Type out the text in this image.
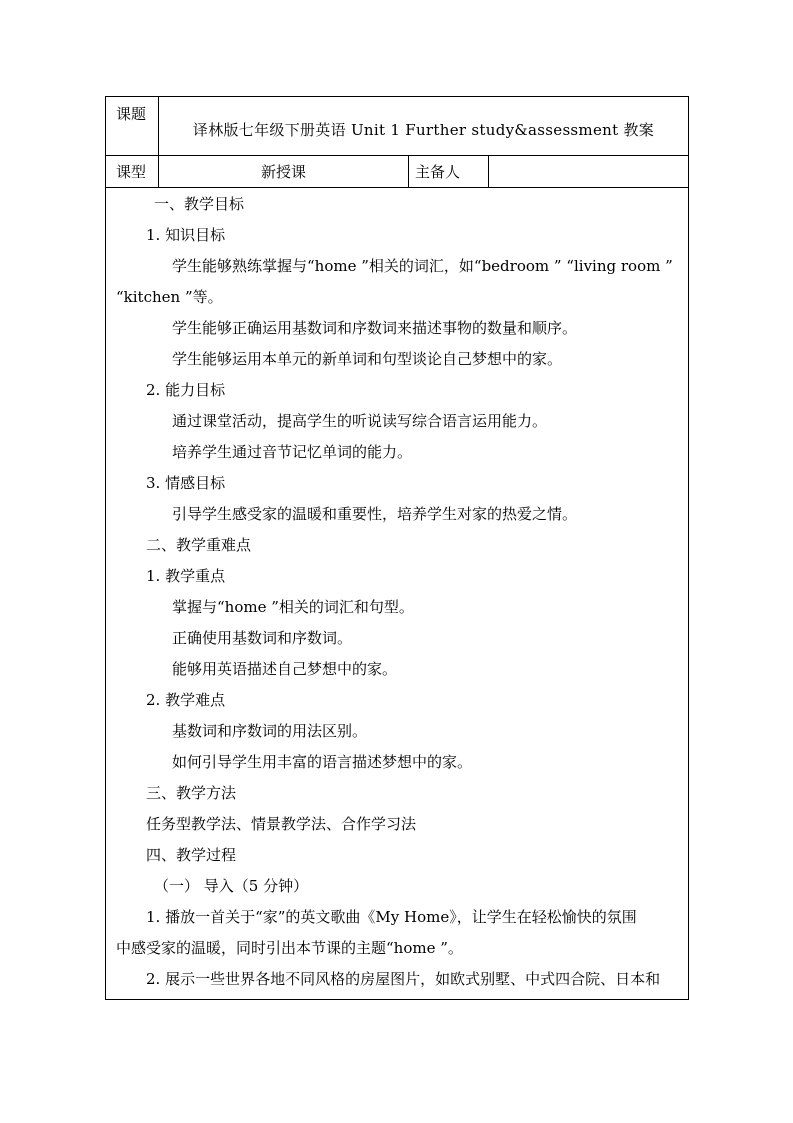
课题
译林版七年级下册英语 Unit 1 Further study&assessment 教案
课型	新授课	主备人
一、教学目标
1. 知识目标
学生能够熟练掌握与“home ”相关的词汇，如“bedroom ” “living room ”
“kitchen ”等。
学生能够正确运用基数词和序数词来描述事物的数量和顺序。
学生能够运用本单元的新单词和句型谈论自己梦想中的家。
2. 能力目标
通过课堂活动，提高学生的听说读写综合语言运用能力。
培养学生通过音节记忆单词的能力。
3. 情感目标
引导学生感受家的温暖和重要性，培养学生对家的热爱之情。
二、教学重难点
1. 教学重点
掌握与“home ”相关的词汇和句型。
正确使用基数词和序数词。
能够用英语描述自己梦想中的家。
2. 教学难点
基数词和序数词的用法区别。
如何引导学生用丰富的语言描述梦想中的家。
三、教学方法
任务型教学法、情景教学法、合作学习法
四、教学过程
（一） 导入（5 分钟）
1. 播放一首关于“家”的英文歌曲《My Home》，让学生在轻松愉快的氛围
中感受家的温暖，同时引出本节课的主题“home ”。
2. 展示一些世界各地不同风格的房屋图片，如欧式别墅、中式四合院、日本和
